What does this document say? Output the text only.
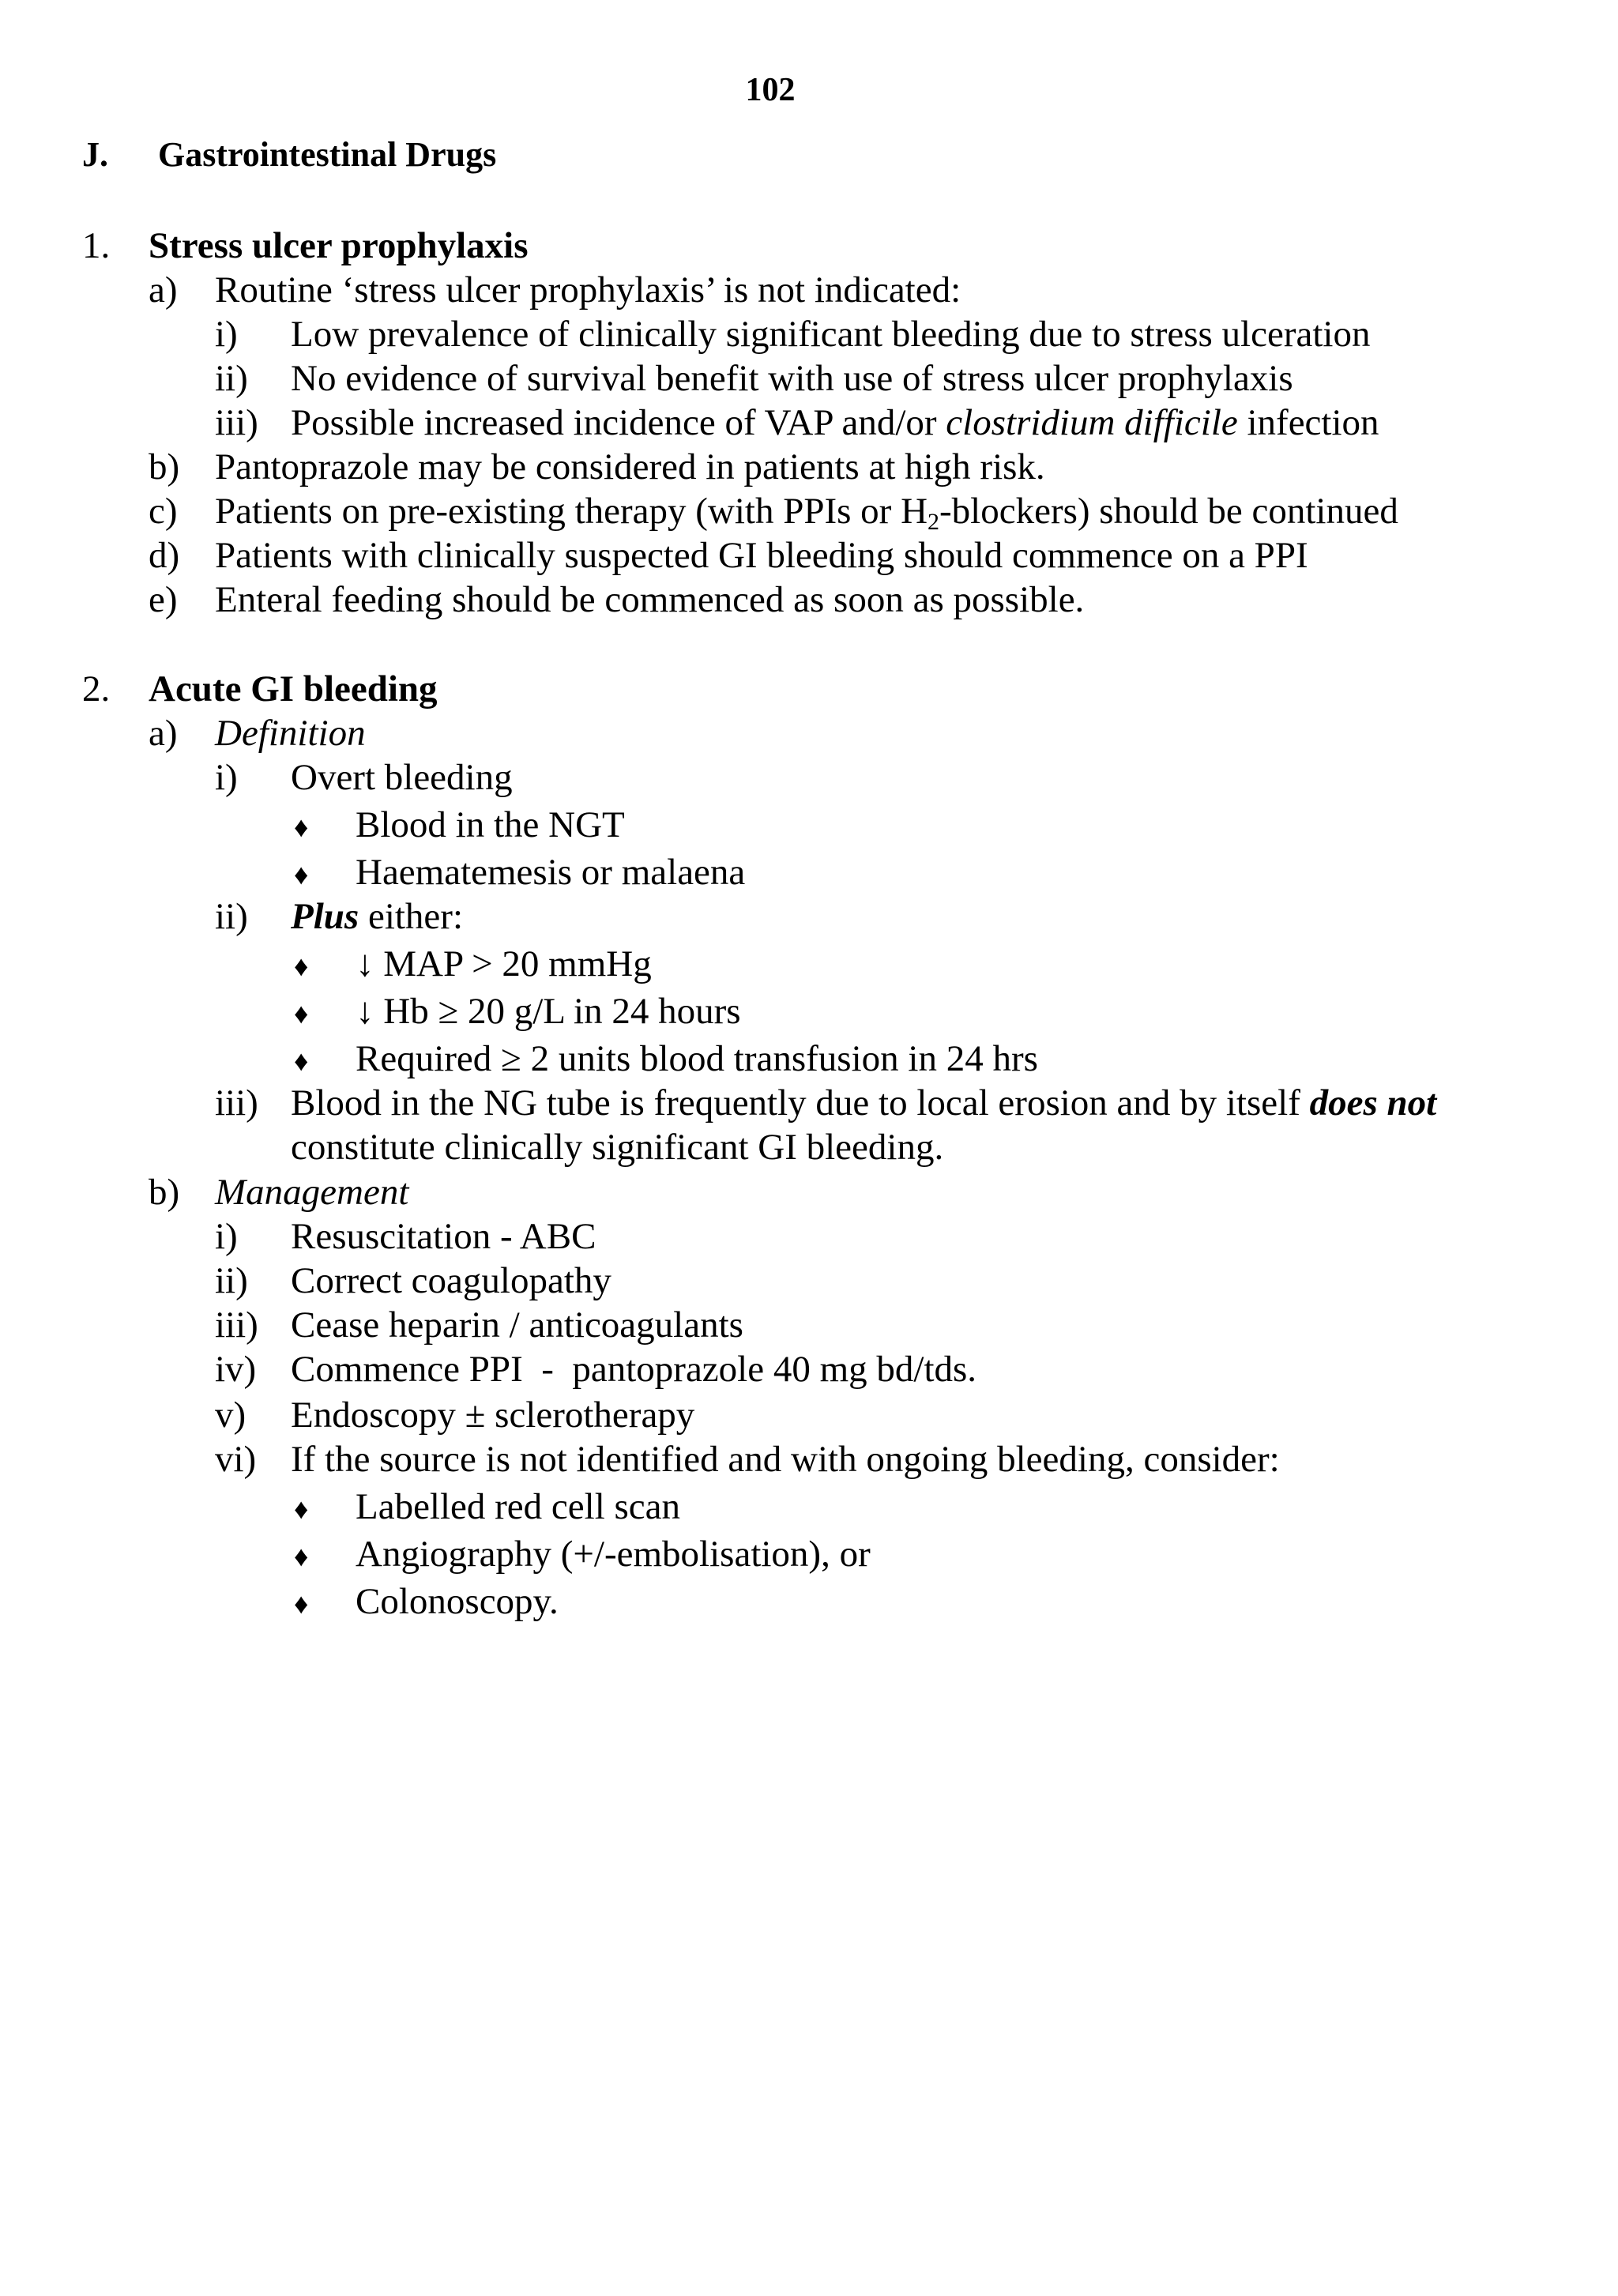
102
J. Gastrointestinal Drugs
1. Stress ulcer prophylaxis
a) Routine ‘stress ulcer prophylaxis’ is not indicated:
i) Low prevalence of clinically significant bleeding due to stress ulceration
ii) No evidence of survival benefit with use of stress ulcer prophylaxis
iii) Possible increased incidence of VAP and/or clostridium difficile infection
b) Pantoprazole may be considered in patients at high risk.
c) Patients on pre-existing therapy (with PPIs or $H_2-blockers$) should be continued
d) Patients with clinically suspected GI bleeding should commence on a PPI
e) Enteral feeding should be commenced as soon as possible.
2. Acute GI bleeding
a) Definition
i) Overt bleeding
♦ Blood in the NGT
♦ Haematemesis or malaena
ii) Plus either:
♦ ↓ MAP > 20 mmHg
♦ ↓ Hb ≥ 20 g/L in 24 hours
♦ Required ≥ 2 units blood transfusion in 24 hrs
iii) Blood in the NG tube is frequently due to local erosion and by itself does not
constitute clinically significant GI bleeding.
b) Management
i) Resuscitation - ABC
ii) Correct coagulopathy
iii) Cease heparin / anticoagulants
iv) Commence PPI  -  pantoprazole 40 mg bd/tds.
v) Endoscopy ± sclerotherapy
vi) If the source is not identified and with ongoing bleeding, consider:
♦ Labelled red cell scan
♦ Angiography (+/-embolisation), or
♦ Colonoscopy.
